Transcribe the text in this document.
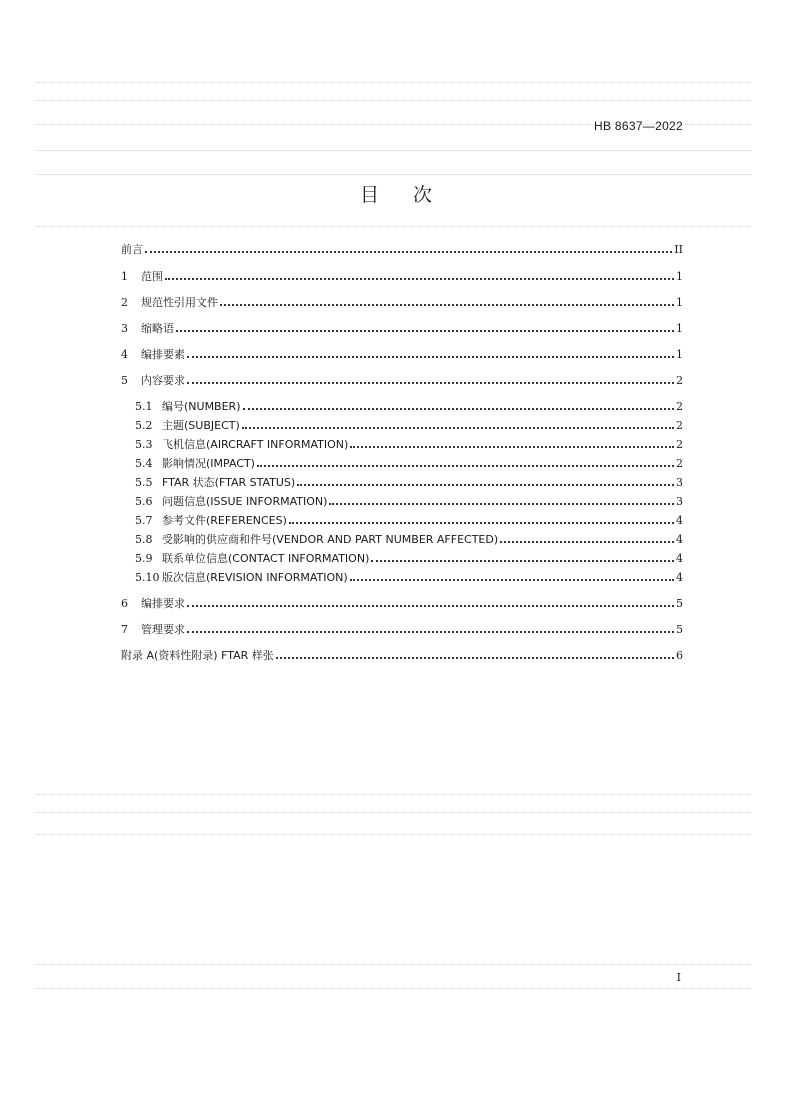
HB 8637—2022
目次
前言	II
1	范围	1
2	规范性引用文件	1
3	缩略语	1
4	编排要素	1
5	内容要求	2
5.1 编号(NUMBER)	2
5.2 主题(SUBJECT)	2
5.3 飞机信息(AIRCRAFT INFORMATION)	2
5.4 影响情况(IMPACT)	2
5.5 FTAR 状态(FTAR STATUS)	3
5.6 问题信息(ISSUE INFORMATION)	3
5.7 参考文件(REFERENCES)	4
5.8 受影响的供应商和件号(VENDOR AND PART NUMBER AFFECTED)	4
5.9 联系单位信息(CONTACT INFORMATION)	4
5.10 版次信息(REVISION INFORMATION)	4
6	编排要求	5
7	管理要求	5
附录 A(资料性附录) FTAR 样张	6
I
